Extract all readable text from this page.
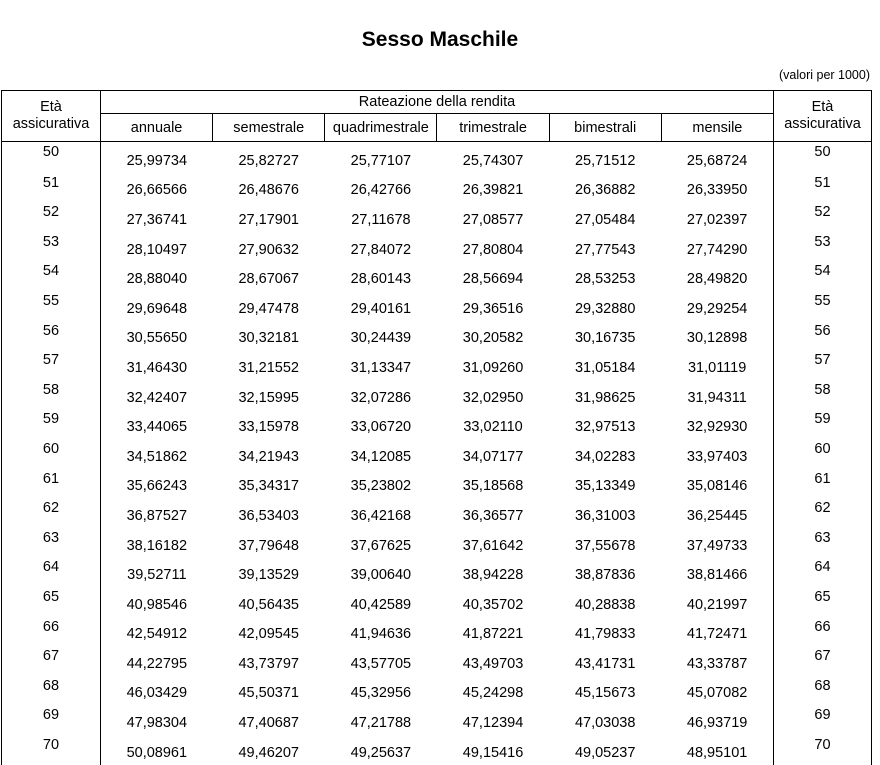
Sesso Maschile
(valori per 1000)
Età assicurativa	Rateazione della rendita						Età assicurativa
	annuale	semestrale	quadrimestrale	trimestrale	bimestrali	mensile	
50	25,99734	25,82727	25,77107	25,74307	25,71512	25,68724	50
51	26,66566	26,48676	26,42766	26,39821	26,36882	26,33950	51
52	27,36741	27,17901	27,11678	27,08577	27,05484	27,02397	52
53	28,10497	27,90632	27,84072	27,80804	27,77543	27,74290	53
54	28,88040	28,67067	28,60143	28,56694	28,53253	28,49820	54
55	29,69648	29,47478	29,40161	29,36516	29,32880	29,29254	55
56	30,55650	30,32181	30,24439	30,20582	30,16735	30,12898	56
57	31,46430	31,21552	31,13347	31,09260	31,05184	31,01119	57
58	32,42407	32,15995	32,07286	32,02950	31,98625	31,94311	58
59	33,44065	33,15978	33,06720	33,02110	32,97513	32,92930	59
60	34,51862	34,21943	34,12085	34,07177	34,02283	33,97403	60
61	35,66243	35,34317	35,23802	35,18568	35,13349	35,08146	61
62	36,87527	36,53403	36,42168	36,36577	36,31003	36,25445	62
63	38,16182	37,79648	37,67625	37,61642	37,55678	37,49733	63
64	39,52711	39,13529	39,00640	38,94228	38,87836	38,81466	64
65	40,98546	40,56435	40,42589	40,35702	40,28838	40,21997	65
66	42,54912	42,09545	41,94636	41,87221	41,79833	41,72471	66
67	44,22795	43,73797	43,57705	43,49703	43,41731	43,33787	67
68	46,03429	45,50371	45,32956	45,24298	45,15673	45,07082	68
69	47,98304	47,40687	47,21788	47,12394	47,03038	46,93719	69
70	50,08961	49,46207	49,25637	49,15416	49,05237	48,95101	70
